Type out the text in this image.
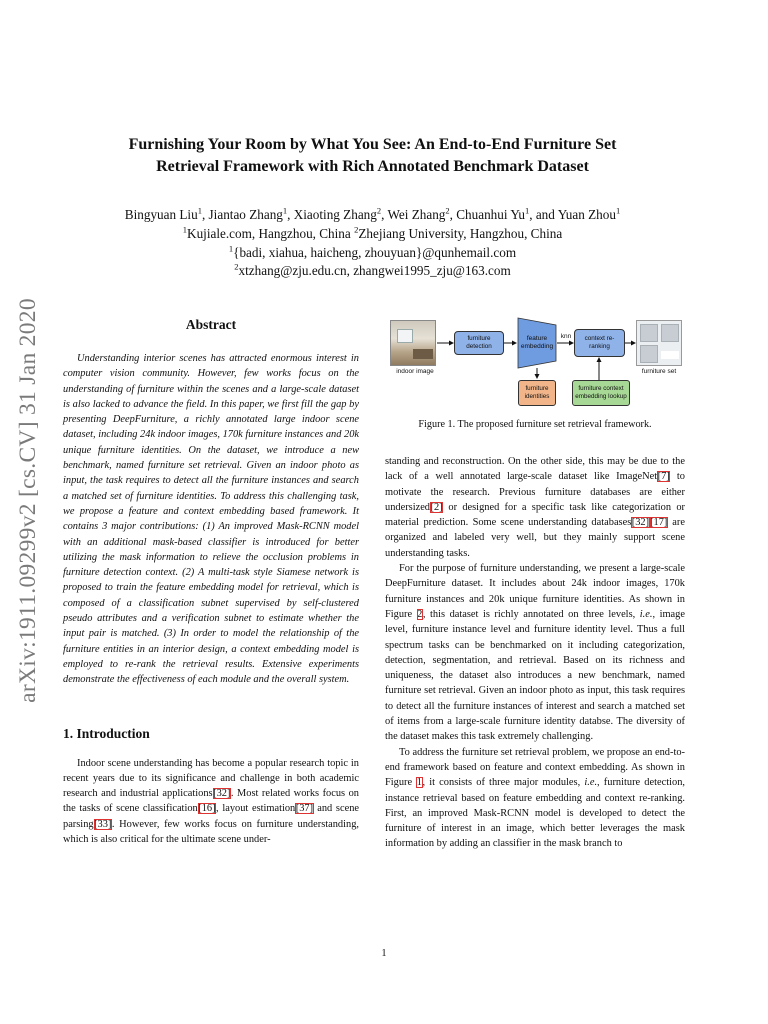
arXiv:1911.09299v2 [cs.CV] 31 Jan 2020
Furnishing Your Room by What You See: An End-to-End Furniture Set
Retrieval Framework with Rich Annotated Benchmark Dataset
Bingyuan Liu$^1$, Jiantao Zhang$^1$, Xiaoting Zhang$^2$, Wei Zhang$^2$, Chuanhui Yu$^1$, and Yuan Zhou$^1$
$^1$Kujiale.com, Hangzhou, China $^2$Zhejiang University, Hangzhou, China
$^1${badi, xiahua, haicheng, zhouyuan}@qunhemail.com
$^2$xtzhang@zju.edu.cn, zhangwei1995_zju@163.com
Abstract

Understanding interior scenes has attracted enormous interest in computer vision community. However, few works focus on the understanding of furniture within the scenes and a large-scale dataset is also lacked to advance the field. In this paper, we first fill the gap by presenting DeepFurniture, a richly annotated large indoor scene dataset, including 24k indoor images, 170k furniture instances and 20k unique furniture identities. On the dataset, we introduce a new benchmark, named furniture set retrieval. Given an indoor photo as input, the task requires to detect all the furniture instances and search a matched set of furniture identities. To address this challenging task, we propose a feature and context embedding based framework. It contains 3 major contributions: (1) An improved Mask-RCNN model with an additional mask-based classifier is introduced for better utilizing the mask information to relieve the occlusion problems in furniture detection context. (2) A multi-task style Siamese network is proposed to train the feature embedding model for retrieval, which is composed of a classification subnet supervised by self-clustered pseudo attributes and a verification subnet to estimate whether the input pair is matched. (3) In order to model the relationship of the furniture entities in an interior design, a context embedding model is employed to re-rank the retrieval results. Extensive experiments demonstrate the effectiveness of each module and the overall system.

1. Introduction

Indoor scene understanding has become a popular research topic in recent years due to its significance and challenge in both academic research and industrial applications[32]. Most related works focus on the tasks of scene classification[16], layout estimation[37] and scene parsing[33]. However, few works focus on furniture understanding, which is also critical for the ultimate scene under-

indoor image
furniture detection
feature embedding
knn	context re-ranking
furniture identities
furniture context embedding lookup
furniture set
Figure 1. The proposed furniture set retrieval framework.

standing and reconstruction. On the other side, this may be due to the lack of a well annotated large-scale dataset like ImageNet[7] to motivate the research. Previous furniture databases are either undersized[2] or designed for a specific task like categorization or material prediction. Some scene understanding databases[32][17] are organized and labeled very well, but they mainly support scene understanding tasks.

For the purpose of furniture understanding, we present a large-scale DeepFurniture dataset. It includes about 24k indoor images, 170k furniture instances and 20k unique furniture identities. As shown in Figure 2, this dataset is richly annotated on three levels, i.e., image level, furniture instance level and furniture identity level. Thus a full spectrum tasks can be benchmarked on it including categorization, detection, segmentation, and retrieval. Based on its richness and uniqueness, the dataset also introduces a new benchmark, named furniture set retrieval. Given an indoor photo as input, this task requires to detect all the furniture instances of interest and search a matched set of items from a large-scale furniture identity databse. The diversity of the dataset makes this task extremely challenging.

To address the furniture set retrieval problem, we propose an end-to-end framework based on feature and context embedding. As shown in Figure 1, it consists of three major modules, i.e., furniture detection, instance retrieval based on feature embedding and context re-ranking. First, an improved Mask-RCNN model is developed to detect the furniture of interest in an image, which better leverages the mask information by adding an classifier in the mask branch to

1
